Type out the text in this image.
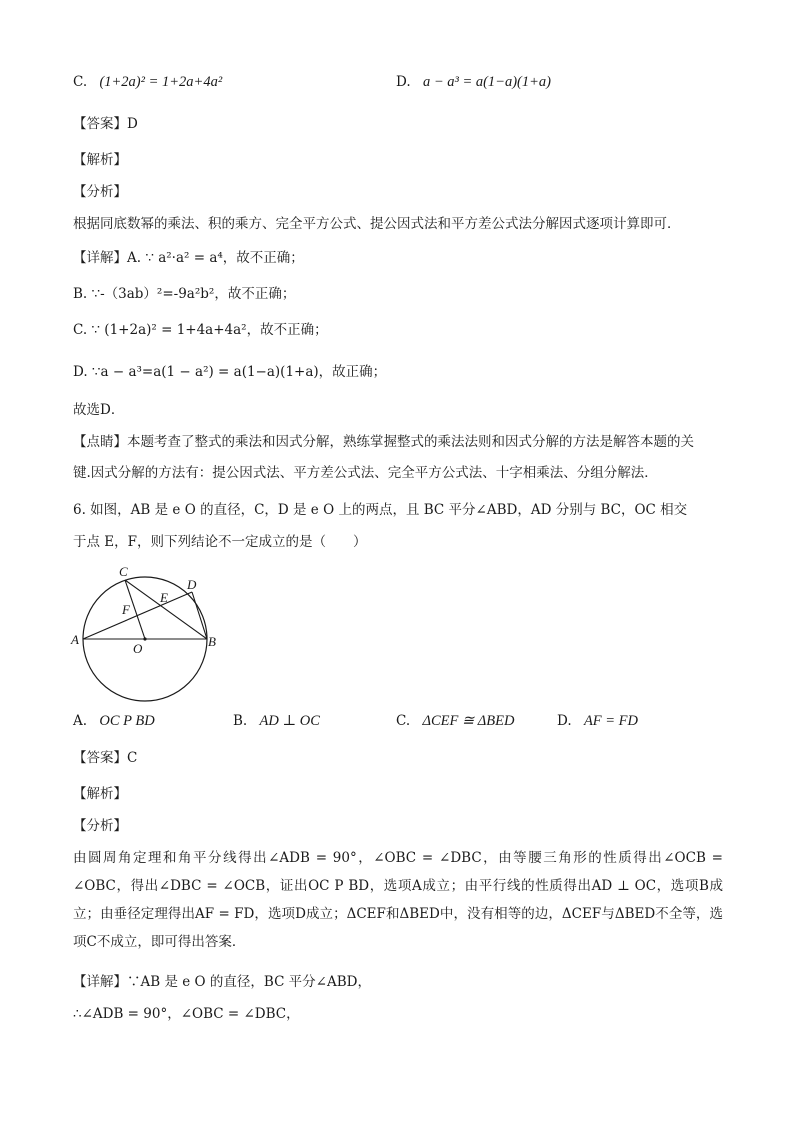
C. (1+2a)² = 1+2a+4a²	D. a − a³ = a(1−a)(1+a)
【答案】D
【解析】
【分析】
根据同底数幂的乘法、积的乘方、完全平方公式、提公因式法和平方差公式法分解因式逐项计算即可．
【详解】A. ∵ a²·a² = a⁴，故不正确；
B. ∵-（3ab）²=-9a²b²，故不正确；
C. ∵ (1+2a)² = 1+4a+4a²，故不正确；
D. ∵a − a³=a(1 − a²) = a(1−a)(1+a)，故正确；
故选D．
【点睛】本题考查了整式的乘法和因式分解，熟练掌握整式的乘法法则和因式分解的方法是解答本题的关
键.因式分解的方法有：提公因式法、平方差公式法、完全平方公式法、十字相乘法、分组分解法．
6. 如图，AB 是 e O 的直径，C，D 是 e O 上的两点，且 BC 平分∠ABD，AD 分别与 BC，OC 相交
于点 E，F，则下列结论不一定成立的是（　　）
C
D
E
F
A
O	B
A. OC P BD	B. AD ⊥ OC	C. ΔCEF ≅ ΔBED	D. AF = FD
【答案】C
【解析】
【分析】
由圆周角定理和角平分线得出∠ADB = 90°，∠OBC = ∠DBC，由等腰三角形的性质得出∠OCB = ∠OBC，得出∠DBC = ∠OCB，证出OC P BD，选项A成立；由平行线的性质得出AD ⊥ OC，选项B成立；由垂径定理得出AF = FD，选项D成立；ΔCEF和ΔBED中，没有相等的边，ΔCEF与ΔBED不全等，选项C不成立，即可得出答案．
【详解】∵AB 是 e O 的直径，BC 平分∠ABD，
∴∠ADB = 90°，∠OBC = ∠DBC，
